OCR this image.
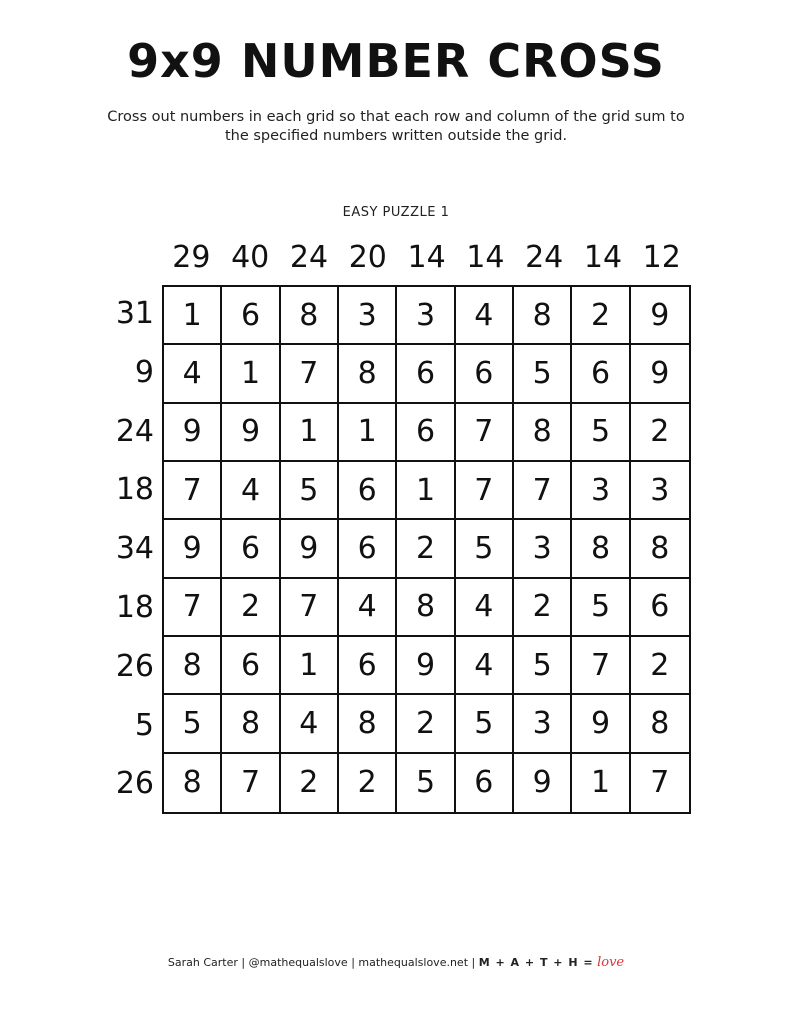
9x9 NUMBER CROSS
Cross out numbers in each grid so that each row and column of the grid sum to
the specified numbers written outside the grid.
EASY PUZZLE 1
29 40 24 20 14 14 24 14 12
31
9
24
18
34
18
26
5
26
1	6	8	3	3	4	8	2	9
4	1	7	8	6	6	5	6	9
9	9	1	1	6	7	8	5	2
7	4	5	6	1	7	7	3	3
9	6	9	6	2	5	3	8	8
7	2	7	4	8	4	2	5	6
8	6	1	6	9	4	5	7	2
5	8	4	8	2	5	3	9	8
8	7	2	2	5	6	9	1	7
Sarah Carter | @mathequalslove | mathequalslove.net | M + A + T + H = love
